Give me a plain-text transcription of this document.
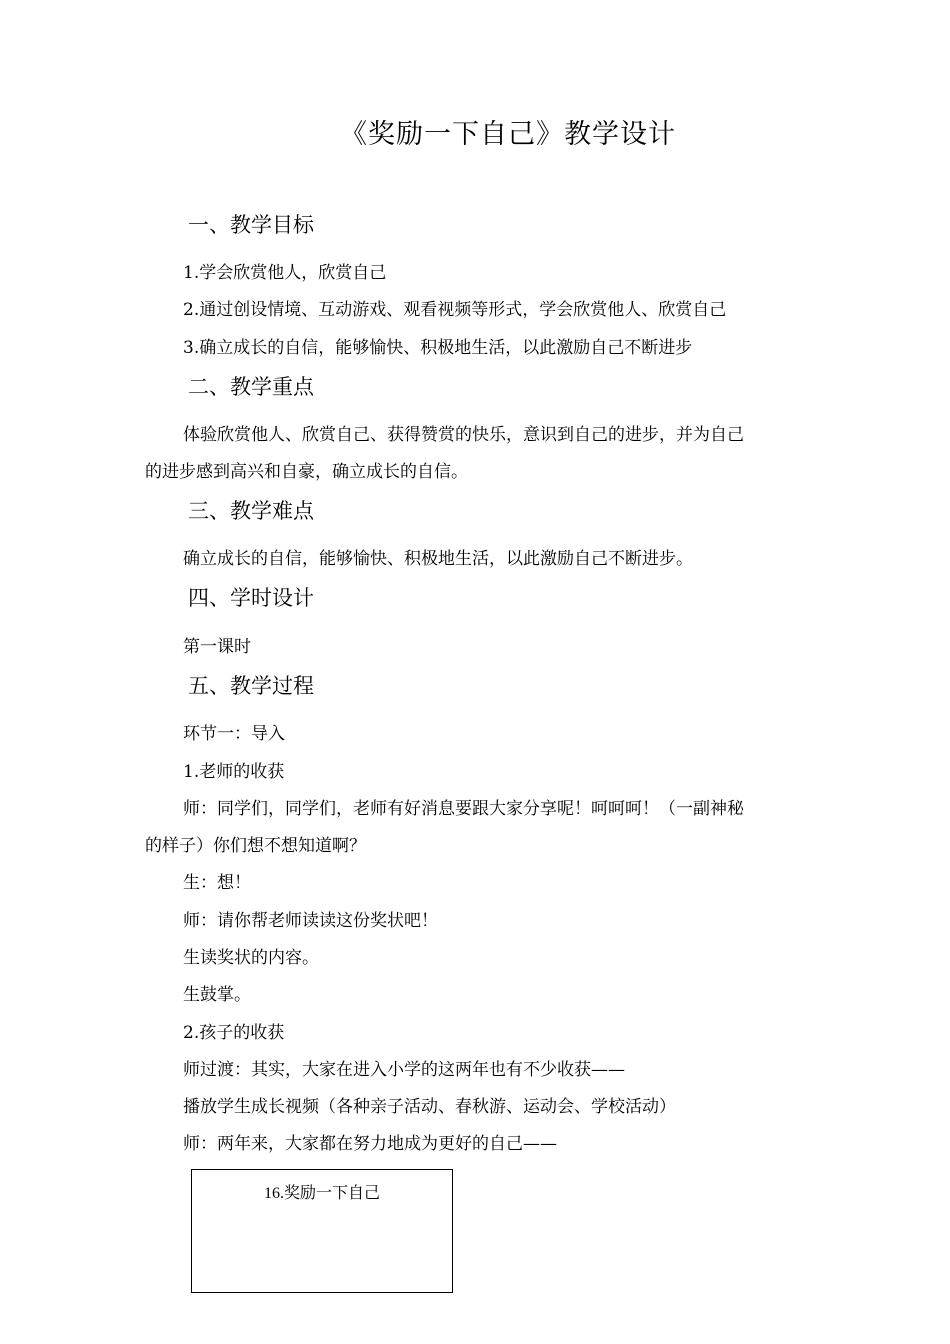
《奖励一下自己》教学设计
一、教学目标
1.学会欣赏他人，欣赏自己
2.通过创设情境、互动游戏、观看视频等形式，学会欣赏他人、欣赏自己
3.确立成长的自信，能够愉快、积极地生活，以此激励自己不断进步
二、教学重点
体验欣赏他人、欣赏自己、获得赞赏的快乐，意识到自己的进步，并为自己
的进步感到高兴和自豪，确立成长的自信。
三、教学难点
确立成长的自信，能够愉快、积极地生活，以此激励自己不断进步。
四、学时设计
第一课时
五、教学过程
环节一：导入
1.老师的收获
师：同学们，同学们，老师有好消息要跟大家分享呢！呵呵呵！（一副神秘
的样子）你们想不想知道啊？
生：想！
师：请你帮老师读读这份奖状吧！
生读奖状的内容。
生鼓掌。
2.孩子的收获
师过渡：其实，大家在进入小学的这两年也有不少收获——
播放学生成长视频（各种亲子活动、春秋游、运动会、学校活动）
师：两年来，大家都在努力地成为更好的自己——
16.奖励一下自己
